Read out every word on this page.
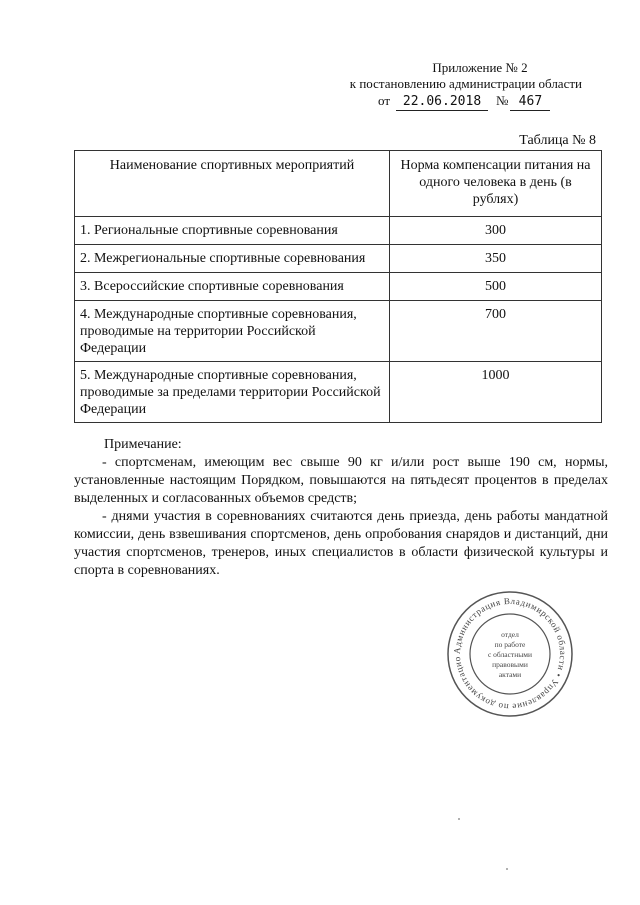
Приложение № 2
к постановлению администрации области
от 22.06.2018	№ 467
Таблица № 8
Наименование спортивных мероприятий	Норма компенсации питания на одного человека в день (в рублях)
1. Региональные спортивные соревнования	300
2. Межрегиональные спортивные соревнования	350
3. Всероссийские спортивные соревнования	500
4. Международные спортивные соревнования, проводимые на территории Российской Федерации	700
5. Международные спортивные соревнования, проводимые за пределами территории Российской Федерации	1000
Примечание:

- спортсменам, имеющим вес свыше 90 кг и/или рост выше 190 см, нормы, установленные настоящим Порядком, повышаются на пятьдесят процентов в пределах выделенных и согласованных объемов средств;

- днями участия в соревнованиях считаются день приезда, день работы мандатной комиссии, день взвешивания спортсменов, день опробования снарядов и дистанций, дни участия спортсменов, тренеров, иных специалистов в области физической культуры и спорта в соревнованиях.

Администрация Владимирской области • Управление по документацио
отдел
по работе
с областными
правовыми
актами
